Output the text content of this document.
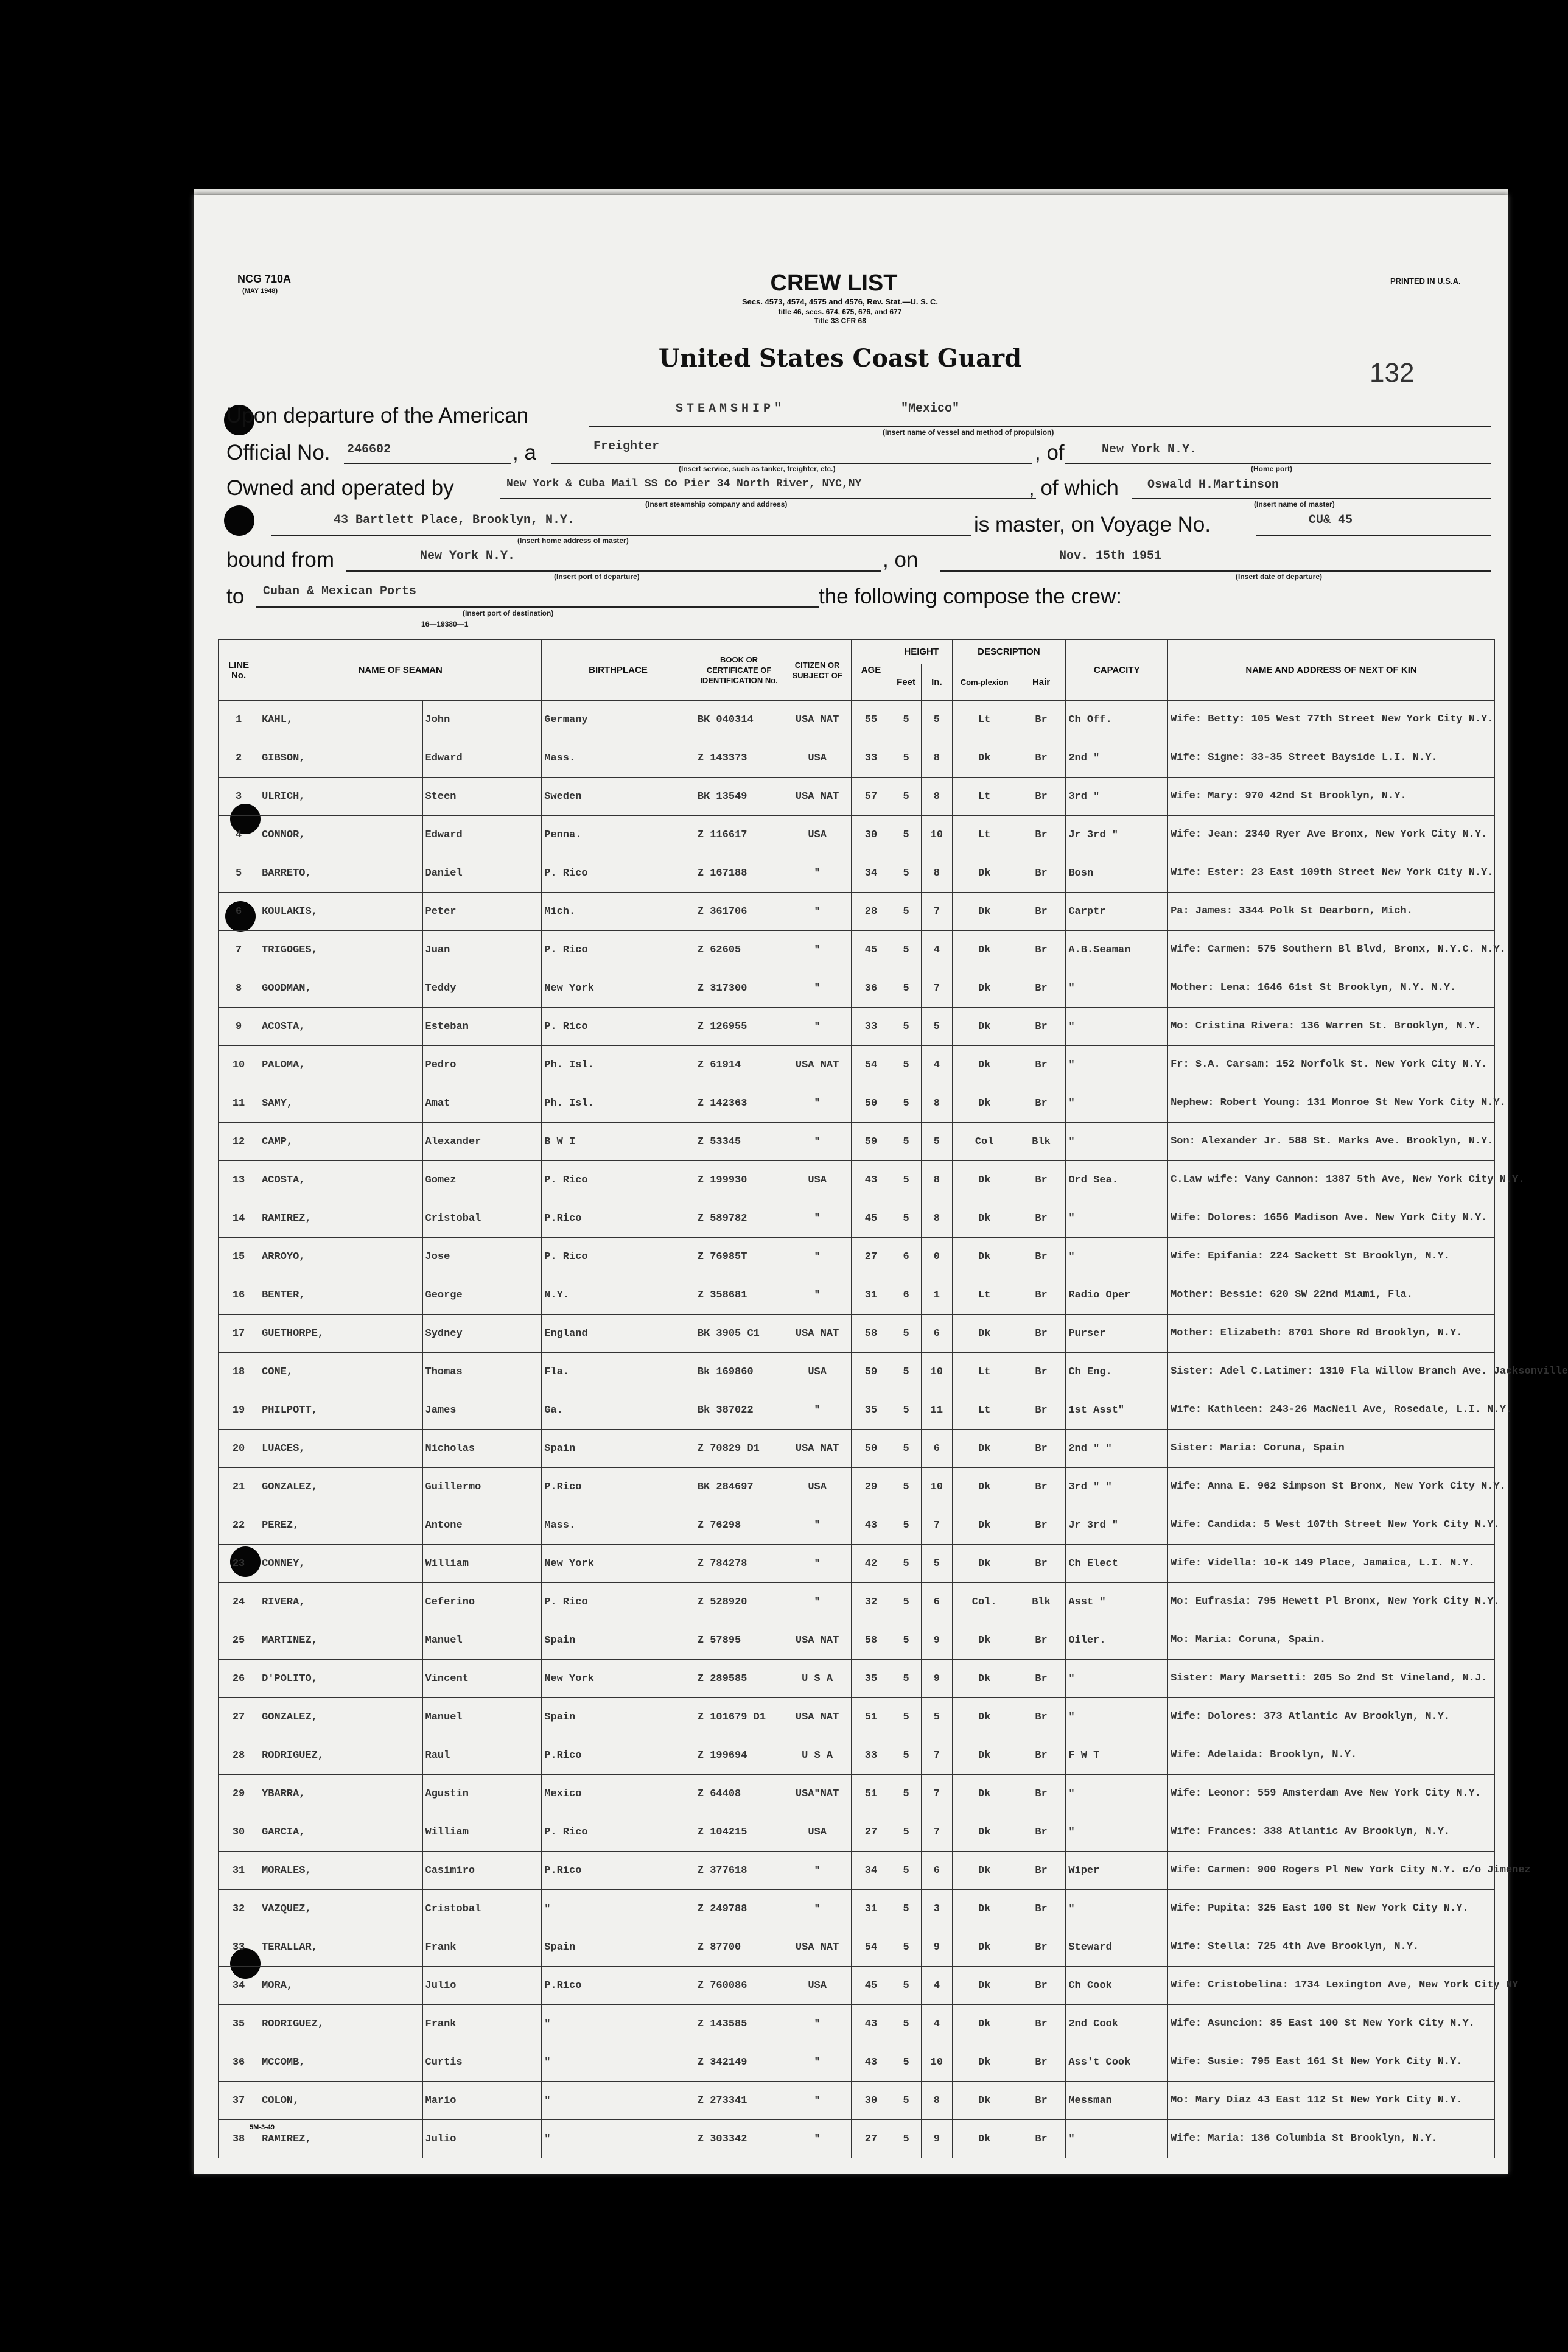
NCG 710A
(MAY 1948)
PRINTED IN U.S.A.
CREW LIST
Secs. 4573, 4574, 4575 and 4576, Rev. Stat.—U. S. C.
title 46, secs. 674, 675, 676, and 677
Title 33 CFR 68
United States Coast Guard	132
Upon departure of the American	STEAMSHIP"	"Mexico"
(Insert name of vessel and method of propulsion)
Official No. 246602	, a	Freighter
(Insert service, such as tanker, freighter, etc.)
, of	New York N.Y.
(Home port)
Owned and operated by	New York & Cuba Mail SS Co Pier 34 North River, NYC,NY
(Insert steamship company and address)
, of which Oswald H.Martinson
(Insert name of master)
43 Bartlett Place, Brooklyn, N.Y.
(Insert home address of master)
is master, on Voyage No.	CU& 45
bound from	New York N.Y.
(Insert port of departure)
, on	Nov. 15th 1951
(Insert date of departure)
to Cuban & Mexican Ports
(Insert port of destination)
16—19380—1
the following compose the crew:
LINE No.	NAME OF SEAMAN		BIRTHPLACE	BOOK OR CERTIFICATE OF IDENTIFICATION No.	CITIZEN OR SUBJECT OF	AGE	HEIGHT		DESCRIPTION		CAPACITY	NAME AND ADDRESS OF NEXT OF KIN
							Feet	In.	Com-plexion	Hair		
1	KAHL,	John	Germany	BK 040314	USA NAT	55	5	5	Lt	Br	Ch Off.	Wife: Betty: 105 West 77th Street New York City N.Y.
2	GIBSON,	Edward	Mass.	Z 143373	USA	33	5	8	Dk	Br	2nd "	Wife: Signe: 33-35 Street Bayside L.I. N.Y.
3	ULRICH,	Steen	Sweden	BK 13549	USA NAT	57	5	8	Lt	Br	3rd "	Wife: Mary: 970 42nd St Brooklyn, N.Y.
4	CONNOR,	Edward	Penna.	Z 116617	USA	30	5	10	Lt	Br	Jr 3rd "	Wife: Jean: 2340 Ryer Ave Bronx, New York City N.Y.
5	BARRETO,	Daniel	P. Rico	Z 167188	"	34	5	8	Dk	Br	Bosn	Wife: Ester: 23 East 109th Street New York City N.Y.
6	KOULAKIS,	Peter	Mich.	Z 361706	"	28	5	7	Dk	Br	Carptr	Pa: James: 3344 Polk St Dearborn, Mich.
7	TRIGOGES,	Juan	P. Rico	Z 62605	"	45	5	4	Dk	Br	A.B.Seaman	Wife: Carmen: 575 Southern Bl Blvd, Bronx, N.Y.C. N.Y.
8	GOODMAN,	Teddy	New York	Z 317300	"	36	5	7	Dk	Br	"	Mother: Lena: 1646 61st St Brooklyn, N.Y. N.Y.
9	ACOSTA,	Esteban	P. Rico	Z 126955	"	33	5	5	Dk	Br	"	Mo: Cristina Rivera: 136 Warren St. Brooklyn, N.Y.
10	PALOMA,	Pedro	Ph. Isl.	Z 61914	USA NAT	54	5	4	Dk	Br	"	Fr: S.A. Carsam: 152 Norfolk St. New York City N.Y.
11	SAMY,	Amat	Ph. Isl.	Z 142363	"	50	5	8	Dk	Br	"	Nephew: Robert Young: 131 Monroe St New York City N.Y.
12	CAMP,	Alexander	B W I	Z 53345	"	59	5	5	Col	Blk	"	Son: Alexander Jr. 588 St. Marks Ave. Brooklyn, N.Y.
13	ACOSTA,	Gomez	P. Rico	Z 199930	USA	43	5	8	Dk	Br	Ord Sea.	C.Law wife: Vany Cannon: 1387 5th Ave, New York City N.Y.
14	RAMIREZ,	Cristobal	P.Rico	Z 589782	"	45	5	8	Dk	Br	"	Wife: Dolores: 1656 Madison Ave. New York City N.Y.
15	ARROYO,	Jose	P. Rico	Z 76985T	"	27	6	0	Dk	Br	"	Wife: Epifania: 224 Sackett St Brooklyn, N.Y.
16	BENTER,	George	N.Y.	Z 358681	"	31	6	1	Lt	Br	Radio Oper	Mother: Bessie: 620 SW 22nd Miami, Fla.
17	GUETHORPE,	Sydney	England	BK 3905 C1	USA NAT	58	5	6	Dk	Br	Purser	Mother: Elizabeth: 8701 Shore Rd Brooklyn, N.Y.
18	CONE,	Thomas	Fla.	Bk 169860	USA	59	5	10	Lt	Br	Ch Eng.	Sister: Adel C.Latimer: 1310 Fla Willow Branch Ave. Jacksonville
19	PHILPOTT,	James	Ga.	Bk 387022	"	35	5	11	Lt	Br	1st Asst"	Wife: Kathleen: 243-26 MacNeil Ave, Rosedale, L.I. N.Y.
20	LUACES,	Nicholas	Spain	Z 70829 D1	USA NAT	50	5	6	Dk	Br	2nd " "	Sister: Maria: Coruna, Spain
21	GONZALEZ,	Guillermo	P.Rico	BK 284697	USA	29	5	10	Dk	Br	3rd " "	Wife: Anna E. 962 Simpson St Bronx, New York City N.Y.
22	PEREZ,	Antone	Mass.	Z 76298	"	43	5	7	Dk	Br	Jr 3rd "	Wife: Candida: 5 West 107th Street New York City N.Y.
23	CONNEY,	William	New York	Z 784278	"	42	5	5	Dk	Br	Ch Elect	Wife: Vidella: 10-K 149 Place, Jamaica, L.I. N.Y.
24	RIVERA,	Ceferino	P. Rico	Z 528920	"	32	5	6	Col.	Blk	Asst "	Mo: Eufrasia: 795 Hewett Pl Bronx, New York City N.Y.
25	MARTINEZ,	Manuel	Spain	Z 57895	USA NAT	58	5	9	Dk	Br	Oiler.	Mo: Maria: Coruna, Spain.
26	D'POLITO,	Vincent	New York	Z 289585	U S A	35	5	9	Dk	Br	"	Sister: Mary Marsetti: 205 So 2nd St Vineland, N.J.
27	GONZALEZ,	Manuel	Spain	Z 101679 D1	USA NAT	51	5	5	Dk	Br	"	Wife: Dolores: 373 Atlantic Av Brooklyn, N.Y.
28	RODRIGUEZ,	Raul	P.Rico	Z 199694	U S A	33	5	7	Dk	Br	F W T	Wife: Adelaida: Brooklyn, N.Y.
29	YBARRA,	Agustin	Mexico	Z 64408	USA"NAT	51	5	7	Dk	Br	"	Wife: Leonor: 559 Amsterdam Ave New York City N.Y.
30	GARCIA,	William	P. Rico	Z 104215	USA	27	5	7	Dk	Br	"	Wife: Frances: 338 Atlantic Av Brooklyn, N.Y.
31	MORALES,	Casimiro	P.Rico	Z 377618	"	34	5	6	Dk	Br	Wiper	Wife: Carmen: 900 Rogers Pl New York City N.Y. c/o Jimenez
32	VAZQUEZ,	Cristobal	"	Z 249788	"	31	5	3	Dk	Br	"	Wife: Pupita: 325 East 100 St New York City N.Y.
33	TERALLAR,	Frank	Spain	Z 87700	USA NAT	54	5	9	Dk	Br	Steward	Wife: Stella: 725 4th Ave Brooklyn, N.Y.
34	MORA,	Julio	P.Rico	Z 760086	USA	45	5	4	Dk	Br	Ch Cook	Wife: Cristobelina: 1734 Lexington Ave, New York City NY
35	RODRIGUEZ,	Frank	"	Z 143585	"	43	5	4	Dk	Br	2nd Cook	Wife: Asuncion: 85 East 100 St New York City N.Y.
36	MCCOMB,	Curtis	"	Z 342149	"	43	5	10	Dk	Br	Ass't Cook	Wife: Susie: 795 East 161 St New York City N.Y.
37	COLON,	Mario	"	Z 273341	"	30	5	8	Dk	Br	Messman	Mo: Mary Diaz 43 East 112 St New York City N.Y.
38	RAMIREZ,	Julio	"	Z 303342	"	27	5	9	Dk	Br	"	Wife: Maria: 136 Columbia St Brooklyn, N.Y.
5M-3-49
